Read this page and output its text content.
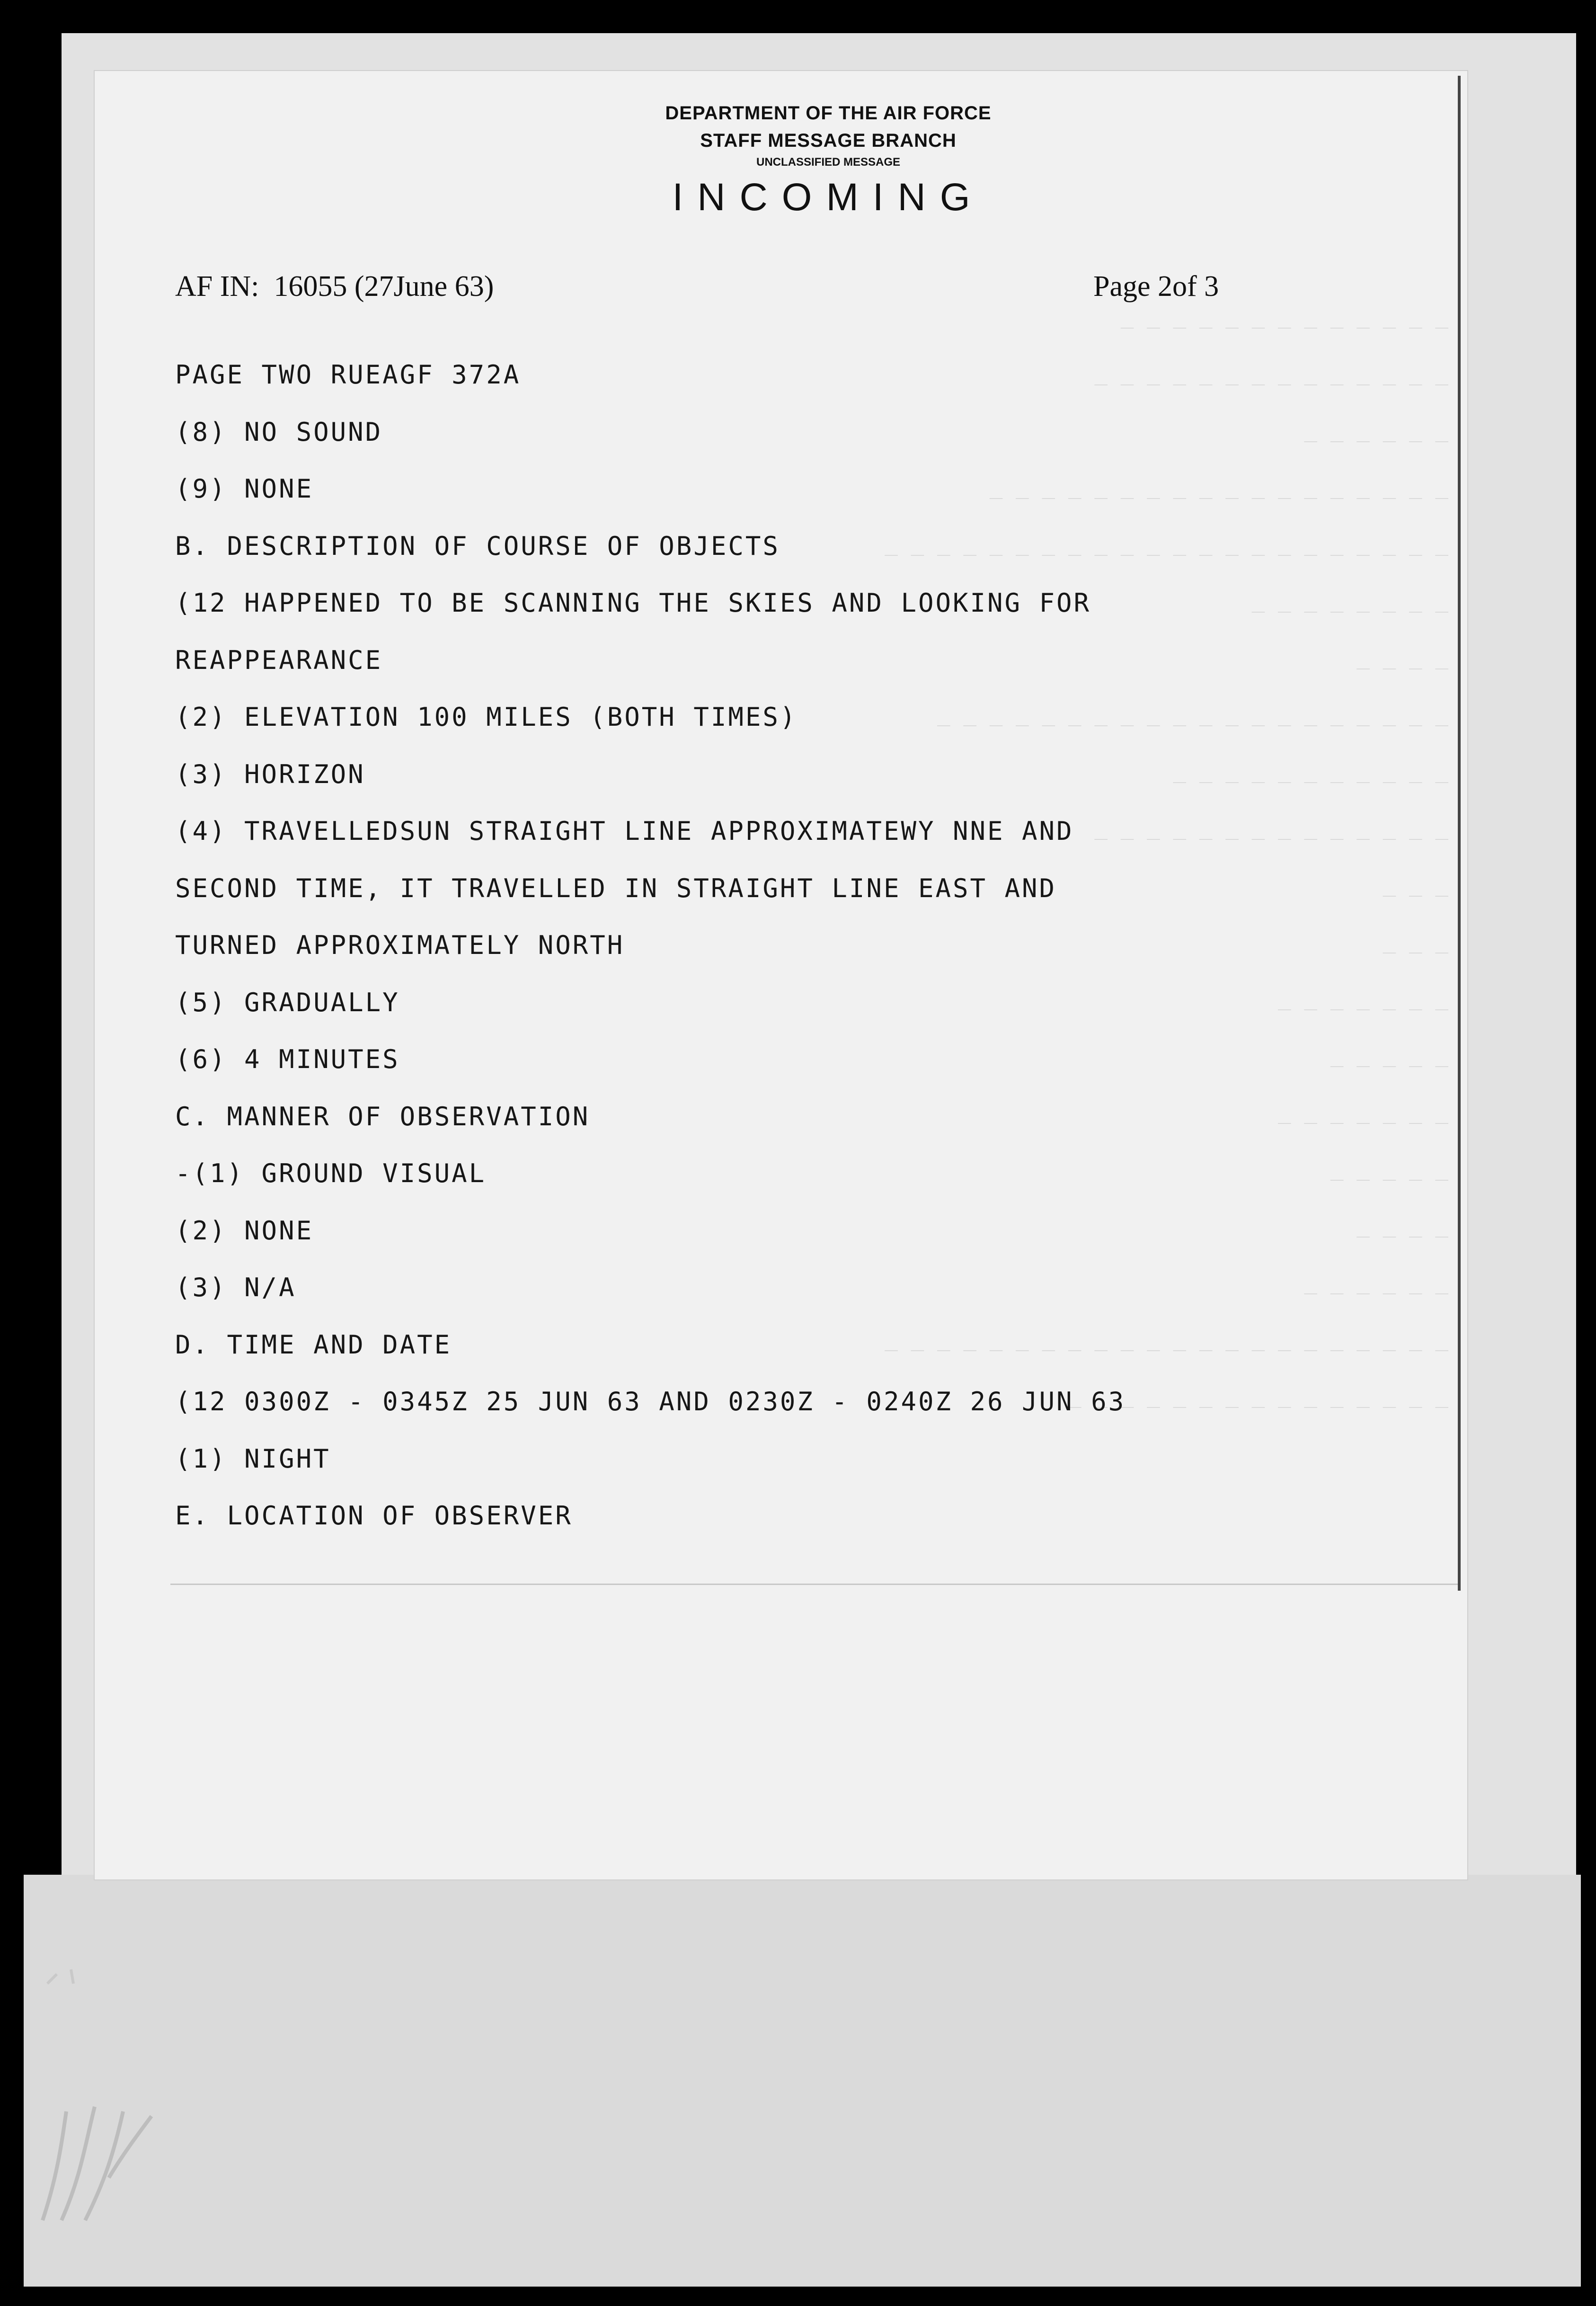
_ _ _ _ _ _ _ _ _ _ _ _ _
_ _ _ _ _ _ _ _ _ _ _ _ _ _
_ _ _ _ _ _
_ _ _ _ _ _ _ _ _ _ _ _ _ _ _ _ _ _
_ _ _ _ _ _ _ _ _ _ _ _ _ _ _ _ _ _ _ _ _ _
_ _ _ _ _ _ _ _
_ _ _ _
_ _ _ _ _ _ _ _ _ _ _ _ _ _ _ _ _ _ _ _
_ _ _ _ _ _ _ _ _ _ _
_ _ _ _ _ _ _ _ _ _ _ _ _ _
_ _ _
_ _ _
_ _ _ _ _ _ _
_ _ _ _ _
_ _ _ _ _ _ _
_ _ _ _ _
_ _ _ _
_ _ _ _ _ _
_ _ _ _ _ _ _ _ _ _ _ _ _ _ _ _ _ _ _ _ _ _
_ _ _ _ _ _ _ _ _ _ _ _ _ _ _
DEPARTMENT OF THE AIR FORCE
STAFF MESSAGE BRANCH
UNCLASSIFIED MESSAGE
INCOMING
AF IN:  16055 (27June 63)	Page 2of 3
PAGE TWO RUEAGF 372A
(8) NO SOUND
(9) NONE
B. DESCRIPTION OF COURSE OF OBJECTS
(12 HAPPENED TO BE SCANNING THE SKIES AND LOOKING FOR
REAPPEARANCE
(2) ELEVATION 100 MILES (BOTH TIMES)
(3) HORIZON
(4) TRAVELLEDSUN STRAIGHT LINE APPROXIMATEWY NNE AND
SECOND TIME, IT TRAVELLED IN STRAIGHT LINE EAST AND
TURNED APPROXIMATELY NORTH
(5) GRADUALLY
(6) 4 MINUTES
C. MANNER OF OBSERVATION
-(1) GROUND VISUAL
(2) NONE
(3) N/A
D. TIME AND DATE
(12 0300Z - 0345Z 25 JUN 63 AND 0230Z - 0240Z 26 JUN 63
(1) NIGHT
E. LOCATION OF OBSERVER
